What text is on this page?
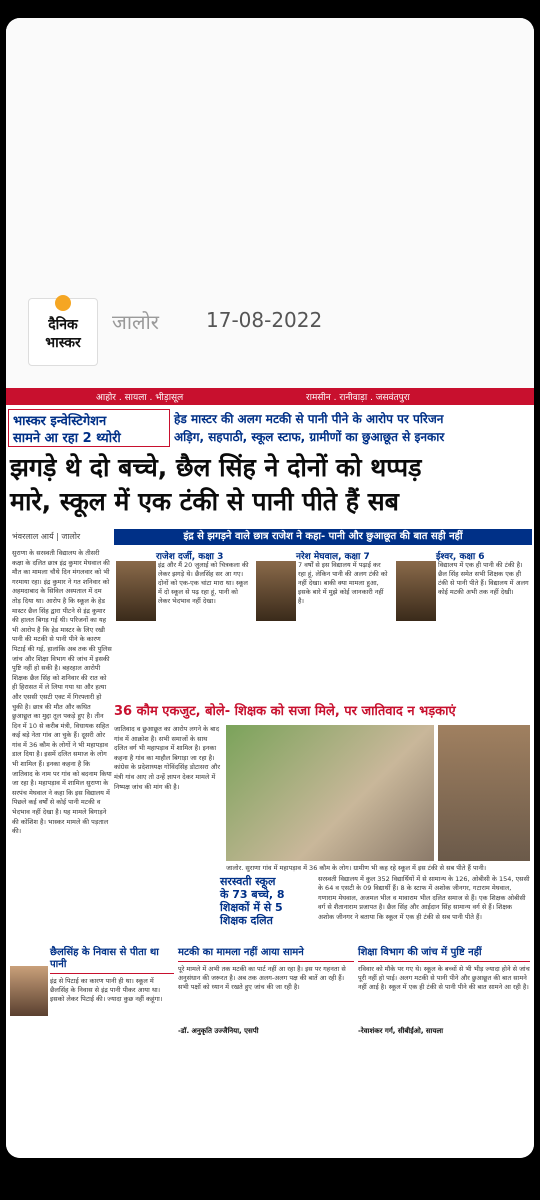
दैनिक
भास्कर
जालोर 17-08-2022
आहोर . सायला . भीड़ासूल	रामसीन . रानीवाड़ा . जसवंतपुरा
भास्कर इन्वेस्टिगेशन
सामने आ रहा 2 थ्योरी
हेड मास्टर की अलग मटकी से पानी पीने के आरोप पर परिजन
अड़िग, सहपाठी, स्कूल स्टाफ, ग्रामीणों का छुआछूत से इनकार
झगड़े थे दो बच्चे, छैल सिंह ने दोनों को थप्पड़
मारे, स्कूल में एक टंकी से पानी पीते हैं सब
भंवरलाल आर्य | जालोर	इंद्र से झगड़ने वाले छात्र राजेश ने कहा- पानी और छुआछूत की बात सही नहीं
सुराणा के सरस्वती विद्यालय के तीसरी कक्षा के दलित छात्र इंद्र कुमार मेघवाल की मौत का मामला चौथे दिन मंगलवार को भी गरमाया रहा। इंद्र कुमार ने गत शनिवार को अहमदाबाद के सिविल अस्पताल में दम तोड़ दिया था। आरोप है कि स्कूल के हेड मास्टर छैल सिंह द्वारा पीटने से इंद्र कुमार की हालत बिगड़ गई थी। परिजनों का यह भी आरोप है कि हेड मास्टर के लिए रखी पानी की मटकी से पानी पीने के कारण पिटाई की गई, हालांकि अब तक की पुलिस जांच और शिक्षा विभाग की जांच में इसकी पुष्टि नहीं हो सकी है। बहरहाल आरोपी शिक्षक छैल सिंह को शनिवार की रात को ही हिरासत में ले लिया गया था और हत्या और एससी एसटी एक्ट में गिरफ्तारी हो चुकी है। छात्र की मौत और कथित छुआछूत का मुद्दा तूल पकड़े हुए है। तीन दिन में 10 से करीब मंत्री, विधायक सहित कई बड़े नेता गांव आ चुके हैं। दूसरी ओर गांव में 36 कौम के लोगों ने भी महापड़ाव डाल दिया है। इसमें दलित समाज के लोग भी शामिल हैं। इनका कहना है कि जातिवाद के नाम पर गांव को बदनाम किया जा रहा है। महापड़ाव में शामिल सुराणा के सरपंच मेघवाल ने कहा कि इस विद्यालय में पिछले कई वर्षों से कोई पानी मटकी व भेदभाव नहीं देखा है। यह मामले बिगाड़ने की कोशिश है। भास्कर मामले की पड़ताल की।
राजेश दर्जी, कक्षा 3
इंद्र और मैं 20 जुलाई को चित्रकला की लेकर झगड़े थे। छैलसिंह सर आ गए। दोनों को एक-एक चांटा मारा था। स्कूल में दो स्कूल से पढ़ रहा हूं, पानी को लेकर भेदभाव नहीं देखा।
नरेश मेघवाल, कक्षा 7
7 वर्षों से इस विद्यालय में पढ़ाई कर रहा हूं, लेकिन पानी की अलग टंकी को नहीं देखा। बाकी क्या मामला हुआ, इसके बारे में मुझे कोई जानकारी नहीं है।
ईश्वर, कक्षा 6
विद्यालय में एक ही पानी की टंकी है। छैल सिंह समेत सभी शिक्षक एक ही टंकी से पानी पीते हैं। विद्यालय में अलग कोई मटकी अभी तक नहीं देखी।
36 कौम एकजुट, बोले- शिक्षक को सजा मिले, पर जातिवाद न भड़काएं
जातिवाद व छुआछूत का आरोप लगने के बाद गांव में आक्रोश है। सभी समाजों के साथ दलित वर्ग भी महापड़ाव में शामिल है। इनका कहना है गांव का माहौल बिगाड़ा जा रहा है। कांग्रेस के प्रदेशाध्यक्ष गोविंदसिंह डोटासरा और मंत्री गांव आए तो उन्हें ज्ञापन देकर मामले में निष्पक्ष जांच की मांग की है।
जालोर. सुराणा गांव में महापड़ाव में 36 कौम के लोग। ग्रामीण भी कह रहे स्कूल में इस टंकी से सब पीते हैं पानी।
सरस्वती स्कूल
के 73 बच्चे, 8
शिक्षकों में से 5
शिक्षक दलित
सरस्वती विद्यालय में कुल 352 विद्यार्थियों में से सामान्य के 126, ओबीसी के 154, एससी के 64 व एसटी के 09 विद्यार्थी हैं। 8 के स्टाफ में अशोक जीनगर, गटाराम मेघवाल, गणाराम मेघवाल, अजमल भील व मावाराम भील दलित समाज से हैं। एक शिक्षक ओबीसी वर्ग से शैतानाराम प्रजापत है। छैल सिंह और आईदान सिंह सामान्य वर्ग से हैं। शिक्षक अशोक जीनगर ने बताया कि स्कूल में एक ही टंकी से सब पानी पीते हैं।
छैलसिंह के निवास से पीता था पानी
इंद्र से पिटाई का कारण पानी ही था। स्कूल में छैलसिंह के निवास से इंद्र पानी पीकर आया था। इसको लेकर पिटाई की। ज्यादा कुछ नहीं कहूंगा।
मटकी का मामला नहीं आया सामने
पूरे मामले में अभी तक मटकी का पार्ट नहीं आ रहा है। इस पर गहनता से अनुसंधान की जरूरत है। अब तक अलग-अलग पक्ष की बातें आ रही हैं। सभी पक्षों को ध्यान में रखते हुए जांच की जा रही है।
-डॉ. अनुकृति उज्जैनिया, एसपी
शिक्षा विभाग की जांच में पुष्टि नहीं
रविवार को मौके पर गए थे। स्कूल के बच्चों से भी भीड़ ज्यादा होने से जांच पूरी नहीं हो पाई। अलग मटकी से पानी पीने और छुआछूत की बात सामने नहीं आई है। स्कूल में एक ही टंकी से पानी पीने की बात सामने आ रही है।
-रेवाशंकर गर्ग, सीबीईओ, सायला
